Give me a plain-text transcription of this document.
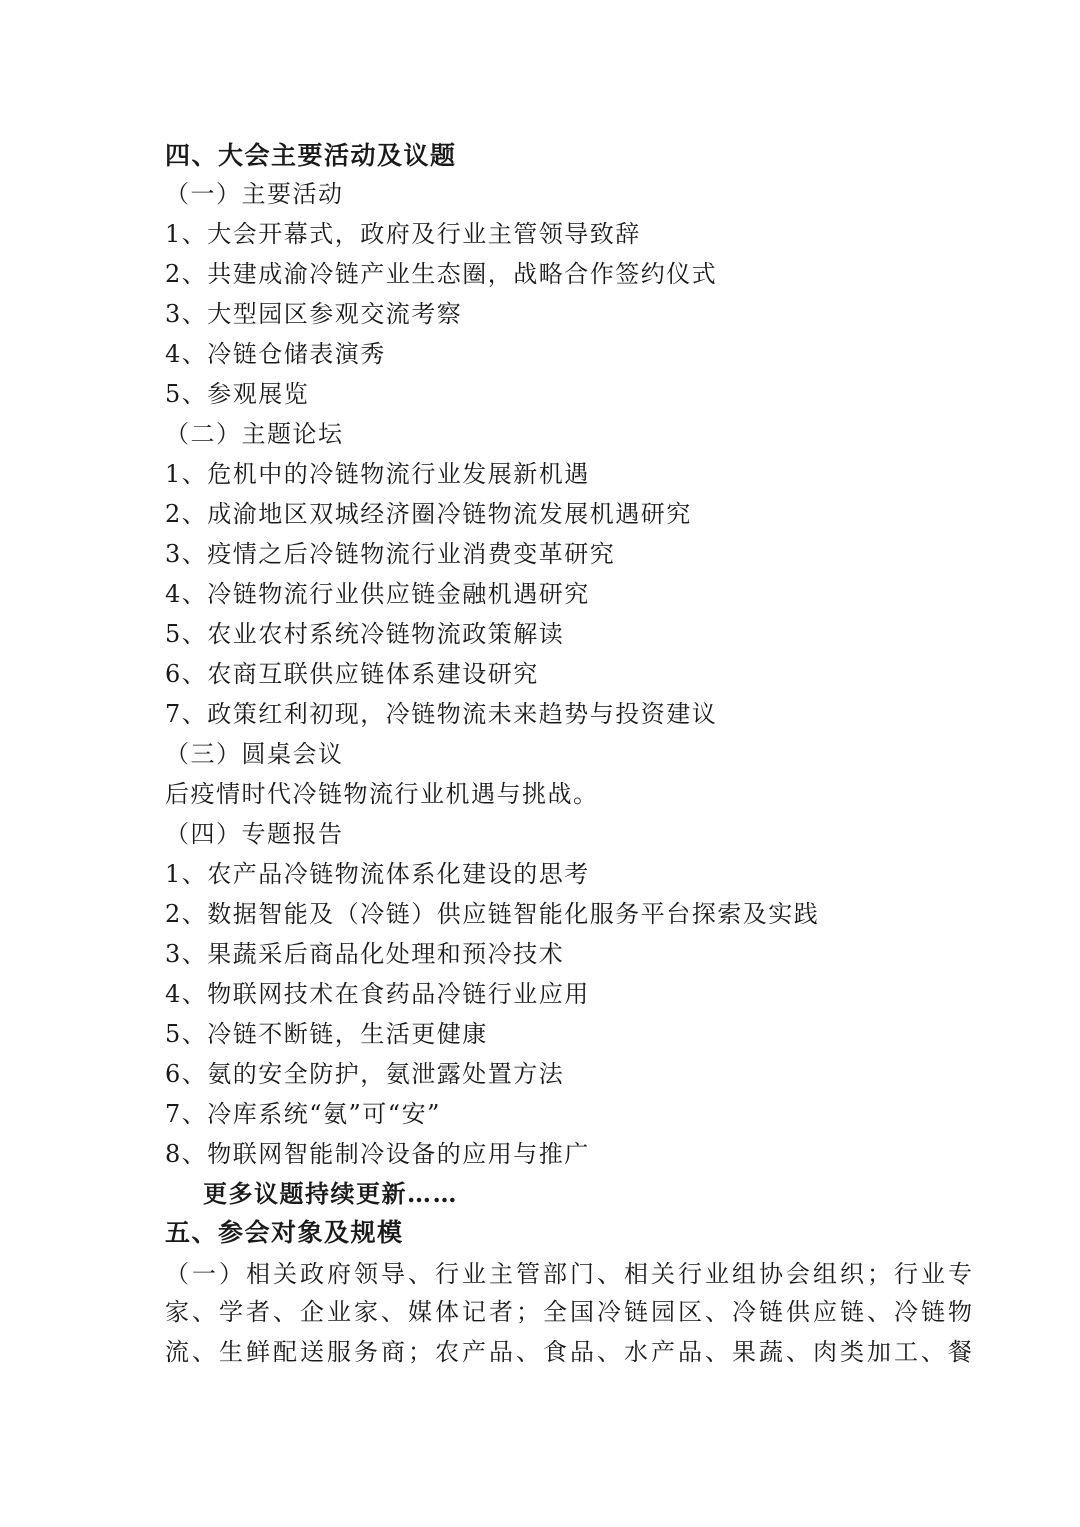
四、大会主要活动及议题
（一）主要活动
1、大会开幕式，政府及行业主管领导致辞
2、共建成渝冷链产业生态圈，战略合作签约仪式
3、大型园区参观交流考察
4、冷链仓储表演秀
5、参观展览
（二）主题论坛
1、危机中的冷链物流行业发展新机遇
2、成渝地区双城经济圈冷链物流发展机遇研究
3、疫情之后冷链物流行业消费变革研究
4、冷链物流行业供应链金融机遇研究
5、农业农村系统冷链物流政策解读
6、农商互联供应链体系建设研究
7、政策红利初现，冷链物流未来趋势与投资建议
（三）圆桌会议
后疫情时代冷链物流行业机遇与挑战。
（四）专题报告
1、农产品冷链物流体系化建设的思考
2、数据智能及（冷链）供应链智能化服务平台探索及实践
3、果蔬采后商品化处理和预冷技术
4、物联网技术在食药品冷链行业应用
5、冷链不断链，生活更健康
6、氨的安全防护，氨泄露处置方法
7、冷库系统“氨”可“安”
8、物联网智能制冷设备的应用与推广
更多议题持续更新……
五、参会对象及规模
（一）相关政府领导、行业主管部门、相关行业组协会组织；行业专
家、学者、企业家、媒体记者；全国冷链园区、冷链供应链、冷链物
流、生鲜配送服务商；农产品、食品、水产品、果蔬、肉类加工、餐
